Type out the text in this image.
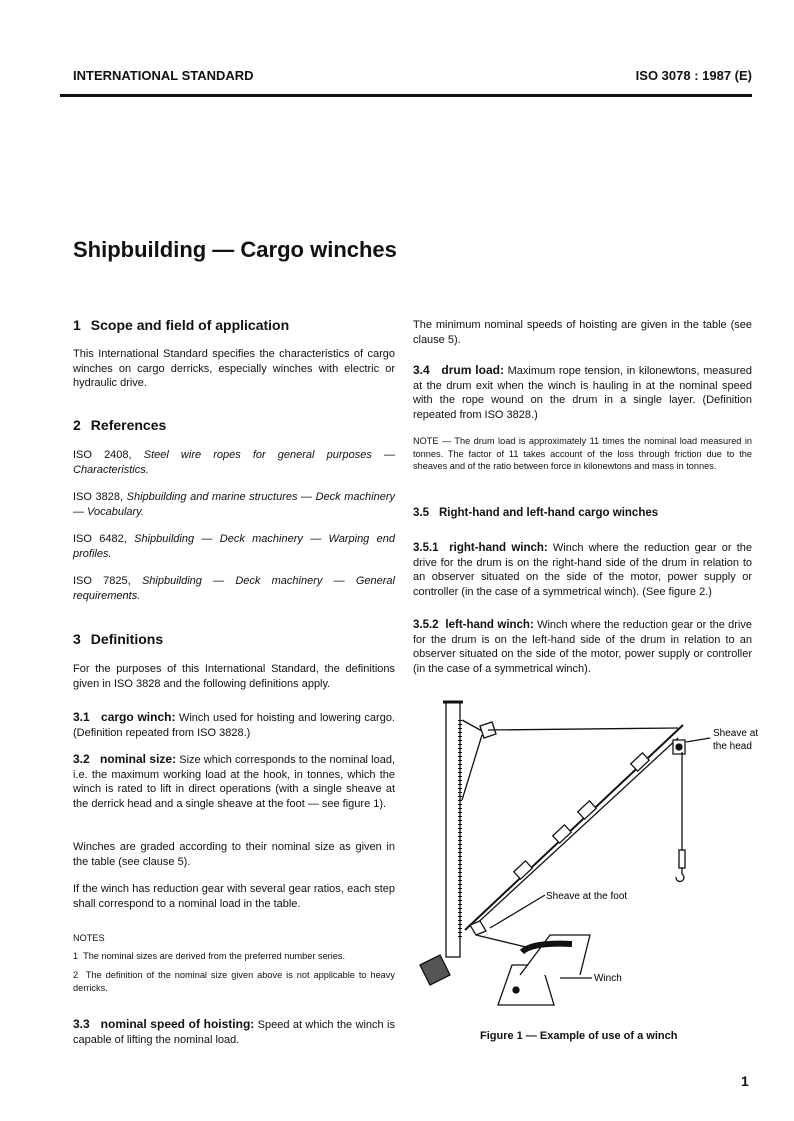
INTERNATIONAL STANDARD	ISO 3078 : 1987 (E)
Shipbuilding — Cargo winches
1 Scope and field of application
This International Standard specifies the characteristics of cargo winches on cargo derricks, especially winches with electric or hydraulic drive.
2 References
ISO 2408, Steel wire ropes for general purposes — Characteristics.
ISO 3828, Shipbuilding and marine structures — Deck machinery — Vocabulary.
ISO 6482, Shipbuilding — Deck machinery — Warping end profiles.
ISO 7825, Shipbuilding — Deck machinery — General requirements.
3 Definitions
For the purposes of this International Standard, the definitions given in ISO 3828 and the following definitions apply.
3.1 cargo winch: Winch used for hoisting and lowering cargo. (Definition repeated from ISO 3828.)
3.2 nominal size: Size which corresponds to the nominal load, i.e. the maximum working load at the hook, in tonnes, which the winch is rated to lift in direct operations (with a single sheave at the derrick head and a single sheave at the foot — see figure 1).
Winches are graded according to their nominal size as given in the table (see clause 5).
If the winch has reduction gear with several gear ratios, each step shall correspond to a nominal load in the table.
NOTES
1 The nominal sizes are derived from the preferred number series.
2 The definition of the nominal size given above is not applicable to heavy derricks.
3.3 nominal speed of hoisting: Speed at which the winch is capable of lifting the nominal load.
The minimum nominal speeds of hoisting are given in the table (see clause 5).
3.4 drum load: Maximum rope tension, in kilonewtons, measured at the drum exit when the winch is hauling in at the nominal speed with the rope wound on the drum in a single layer. (Definition repeated from ISO 3828.)
NOTE — The drum load is approximately 11 times the nominal load measured in tonnes. The factor of 11 takes account of the loss through friction due to the sheaves and of the ratio between force in kilonewtons and mass in tonnes.
3.5 Right-hand and left-hand cargo winches
3.5.1 right-hand winch: Winch where the reduction gear or the drive for the drum is on the right-hand side of the drum in relation to an observer situated on the side of the motor, power supply or controller (in the case of a symmetrical winch). (See figure 2.)
3.5.2 left-hand winch: Winch where the reduction gear or the drive for the drum is on the left-hand side of the drum in relation to an observer situated on the side of the motor, power supply or controller (in the case of a symmetrical winch).
Sheave at
the head
Sheave at the foot
Winch
Figure 1 — Example of use of a winch
1
